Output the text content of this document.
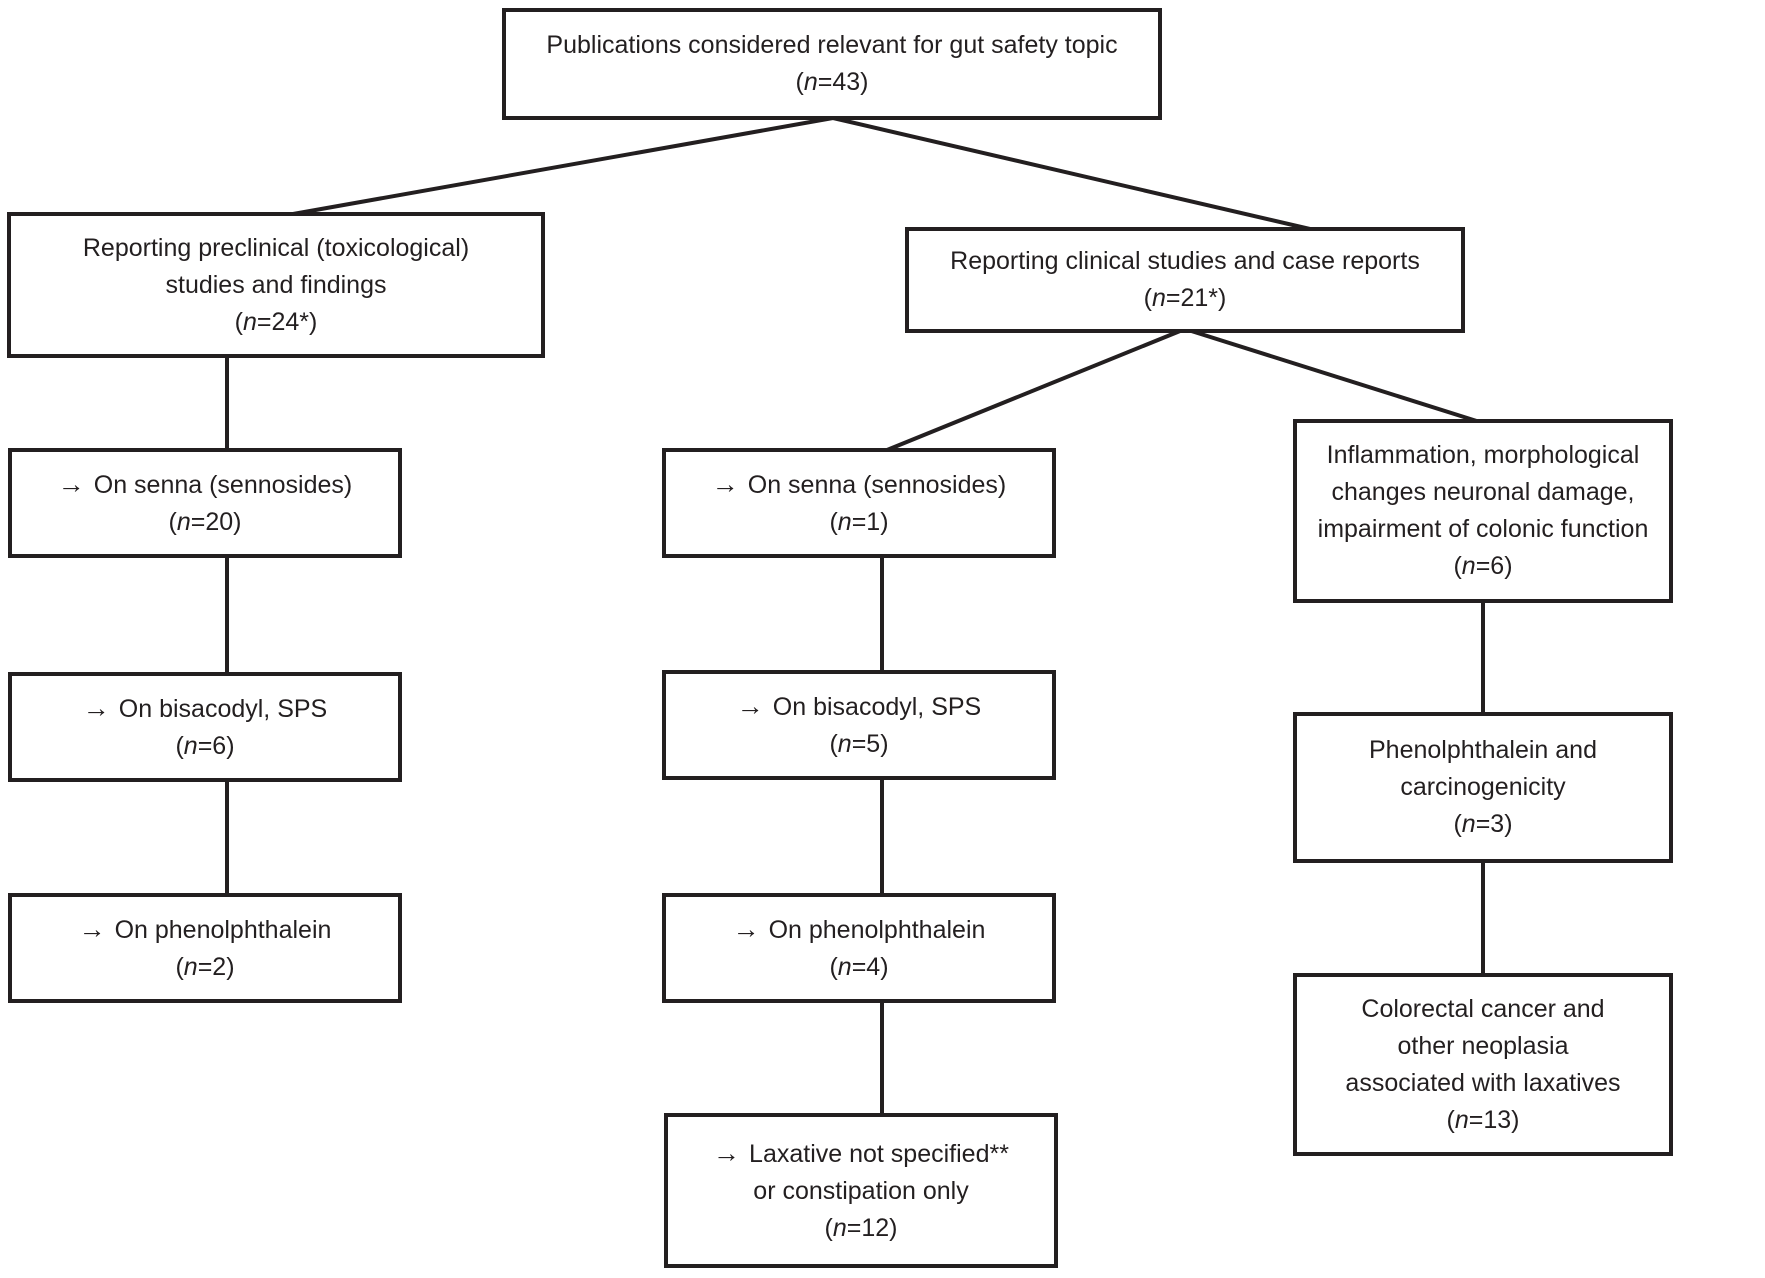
Publications considered relevant for gut safety topic
(n=43)
Reporting preclinical (toxicological)
studies and findings
(n=24*)
Reporting clinical studies and case reports
(n=21*)
→ On senna (sennosides)
(n=20)
→ On bisacodyl, SPS
(n=6)
→ On phenolphthalein
(n=2)
→ On senna (sennosides)
(n=1)
→ On bisacodyl, SPS
(n=5)
→ On phenolphthalein
(n=4)
→ Laxative not specified**
or constipation only
(n=12)
Inflammation, morphological
changes neuronal damage,
impairment of colonic function
(n=6)
Phenolphthalein and
carcinogenicity
(n=3)
Colorectal cancer and
other neoplasia
associated with laxatives
(n=13)
